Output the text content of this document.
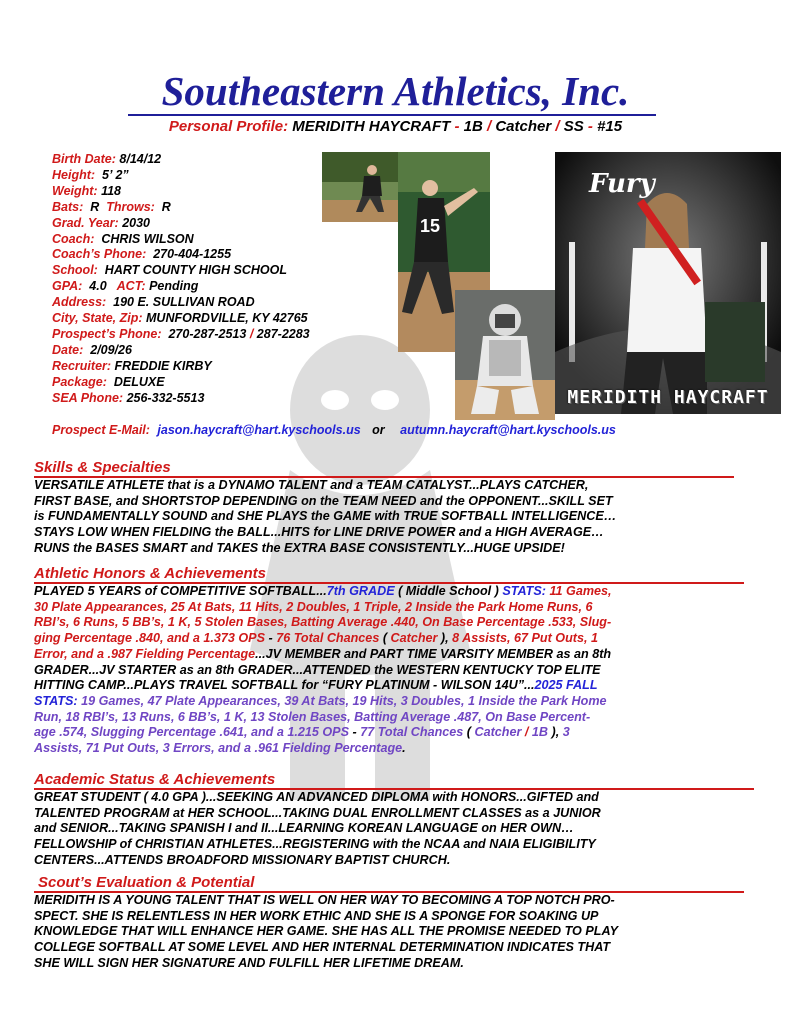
Southeastern Athletics, Inc.
Personal Profile: MERIDITH HAYCRAFT - 1B / Catcher / SS - #15
Birth Date: 8/14/12
Height: 5’ 2”
Weight: 118
Bats: R Throws: R
Grad. Year: 2030
Coach: CHRIS WILSON
Coach’s Phone: 270-404-1255
School: HART COUNTY HIGH SCHOOL
GPA: 4.0 ACT: Pending
Address: 190 E. SULLIVAN ROAD
City, State, Zip: MUNFORDVILLE, KY 42765
Prospect’s Phone: 270-287-2513 / 287-2283
Date: 2/09/26
Recruiter: FREDDIE KIRBY
Package: DELUXE
SEA Phone: 256-332-5513
Prospect E-Mail: jason.haycraft@hart.kyschools.us or autumn.haycraft@hart.kyschools.us
15
Fury
MERIDITH HAYCRAFT
Skills & Specialties
VERSATILE ATHLETE that is a DYNAMO TALENT and a TEAM CATALYST...PLAYS CATCHER,
FIRST BASE, and SHORTSTOP DEPENDING on the TEAM NEED and the OPPONENT...SKILL SET
is FUNDAMENTALLY SOUND and SHE PLAYS the GAME with TRUE SOFTBALL INTELLIGENCE…
STAYS LOW WHEN FIELDING the BALL...HITS for LINE DRIVE POWER and a HIGH AVERAGE…
RUNS the BASES SMART and TAKES the EXTRA BASE CONSISTENTLY...HUGE UPSIDE!
Athletic Honors & Achievements
PLAYED 5 YEARS of COMPETITIVE SOFTBALL...7th GRADE ( Middle School ) STATS: 11 Games,
30 Plate Appearances, 25 At Bats, 11 Hits, 2 Doubles, 1 Triple, 2 Inside the Park Home Runs, 6
RBI’s, 6 Runs, 5 BB’s, 1 K, 5 Stolen Bases, Batting Average .440, On Base Percentage .533, Slug-
ging Percentage .840, and a 1.373 OPS - 76 Total Chances ( Catcher ), 8 Assists, 67 Put Outs, 1
Error, and a .987 Fielding Percentage...JV MEMBER and PART TIME VARSITY MEMBER as an 8th
GRADER...JV STARTER as an 8th GRADER...ATTENDED the WESTERN KENTUCKY TOP ELITE
HITTING CAMP...PLAYS TRAVEL SOFTBALL for “FURY PLATINUM - WILSON 14U”...2025 FALL
STATS: 19 Games, 47 Plate Appearances, 39 At Bats, 19 Hits, 3 Doubles, 1 Inside the Park Home
Run, 18 RBI’s, 13 Runs, 6 BB’s, 1 K, 13 Stolen Bases, Batting Average .487, On Base Percent-
age .574, Slugging Percentage .641, and a 1.215 OPS - 77 Total Chances ( Catcher / 1B ), 3
Assists, 71 Put Outs, 3 Errors, and a .961 Fielding Percentage.
Academic Status & Achievements
GREAT STUDENT ( 4.0 GPA )...SEEKING AN ADVANCED DIPLOMA with HONORS...GIFTED and
TALENTED PROGRAM at HER SCHOOL...TAKING DUAL ENROLLMENT CLASSES as a JUNIOR
and SENIOR...TAKING SPANISH I and II...LEARNING KOREAN LANGUAGE on HER OWN…
FELLOWSHIP of CHRISTIAN ATHLETES...REGISTERING with the NCAA and NAIA ELIGIBILITY
CENTERS...ATTENDS BROADFORD MISSIONARY BAPTIST CHURCH.
Scout’s Evaluation & Potential
MERIDITH IS A YOUNG TALENT THAT IS WELL ON HER WAY TO BECOMING A TOP NOTCH PRO-
SPECT. SHE IS RELENTLESS IN HER WORK ETHIC AND SHE IS A SPONGE FOR SOAKING UP
KNOWLEDGE THAT WILL ENHANCE HER GAME. SHE HAS ALL THE PROMISE NEEDED TO PLAY
COLLEGE SOFTBALL AT SOME LEVEL AND HER INTERNAL DETERMINATION INDICATES THAT
SHE WILL SIGN HER SIGNATURE AND FULFILL HER LIFETIME DREAM.
